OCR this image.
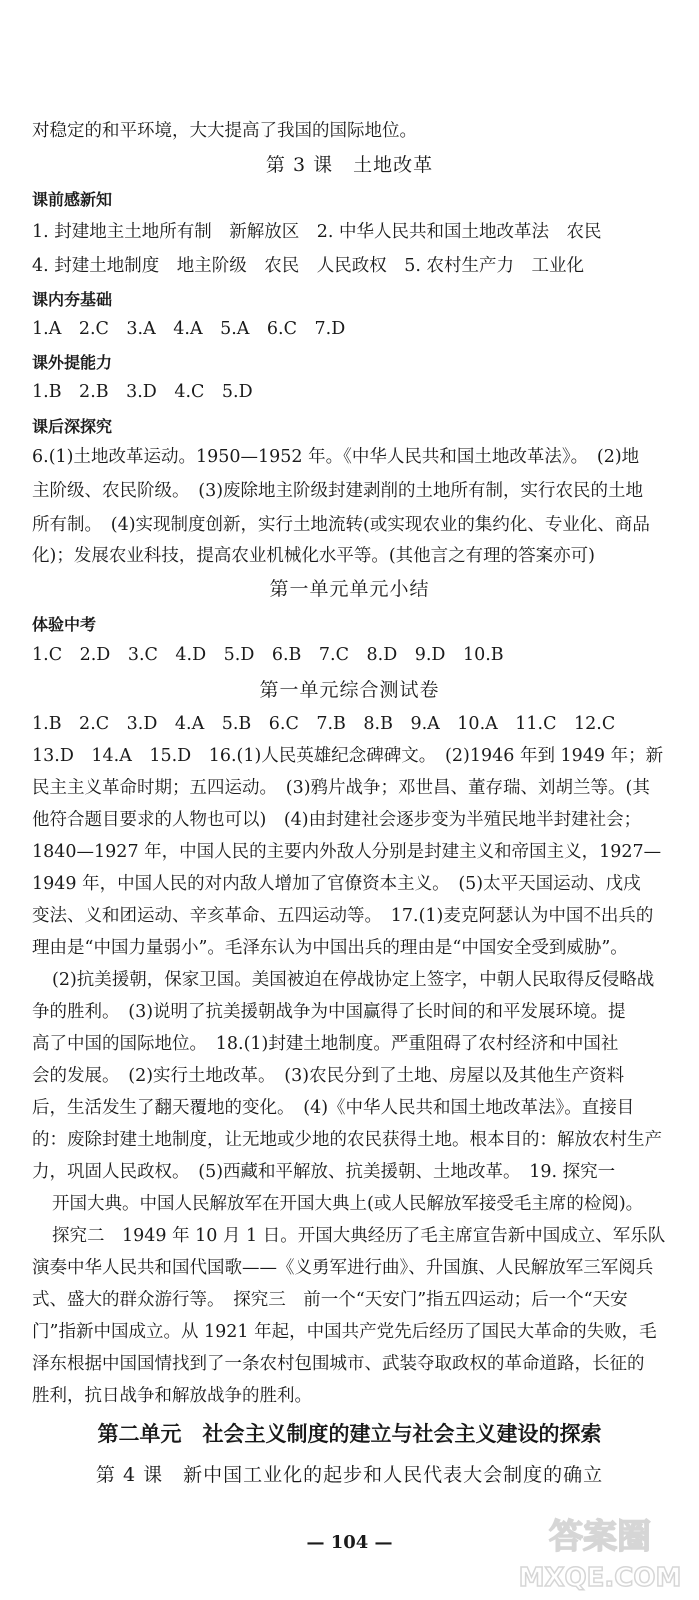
对稳定的和平环境，大大提高了我国的国际地位。
第 3 课　土地改革
课前感新知
1. 封建地主土地所有制　新解放区　2. 中华人民共和国土地改革法　农民
4. 封建土地制度　地主阶级　农民　人民政权　5. 农村生产力　工业化
课内夯基础
1.A　2.C　3.A　4.A　5.A　6.C　7.D
课外提能力
1.B　2.B　3.D　4.C　5.D
课后深探究
6.(1)土地改革运动。1950—1952 年。《中华人民共和国土地改革法》。　(2)地
主阶级、农民阶级。　(3)废除地主阶级封建剥削的土地所有制，实行农民的土地
所有制。　(4)实现制度创新，实行土地流转(或实现农业的集约化、专业化、商品
化)；发展农业科技，提高农业机械化水平等。(其他言之有理的答案亦可)
第一单元单元小结
体验中考
1.C　2.D　3.C　4.D　5.D　6.B　7.C　8.D　9.D　10.B
第一单元综合测试卷
1.B　2.C　3.D　4.A　5.B　6.C　7.B　8.B　9.A　10.A　11.C　12.C
13.D　14.A　15.D　16.(1)人民英雄纪念碑碑文。　(2)1946 年到 1949 年；新
民主主义革命时期；五四运动。　(3)鸦片战争；邓世昌、董存瑞、刘胡兰等。(其
他符合题目要求的人物也可以)　(4)由封建社会逐步变为半殖民地半封建社会；
1840—1927 年，中国人民的主要内外敌人分别是封建主义和帝国主义，1927—
1949 年，中国人民的对内敌人增加了官僚资本主义。　(5)太平天国运动、戊戌
变法、义和团运动、辛亥革命、五四运动等。　17.(1)麦克阿瑟认为中国不出兵的
理由是“中国力量弱小”。毛泽东认为中国出兵的理由是“中国安全受到威胁”。
(2)抗美援朝，保家卫国。美国被迫在停战协定上签字，中朝人民取得反侵略战
争的胜利。　(3)说明了抗美援朝战争为中国赢得了长时间的和平发展环境。提
高了中国的国际地位。　18.(1)封建土地制度。严重阻碍了农村经济和中国社
会的发展。　(2)实行土地改革。　(3)农民分到了土地、房屋以及其他生产资料
后，生活发生了翻天覆地的变化。　(4)《中华人民共和国土地改革法》。直接目
的：废除封建土地制度，让无地或少地的农民获得土地。根本目的：解放农村生产
力，巩固人民政权。　(5)西藏和平解放、抗美援朝、土地改革。　19. 探究一
开国大典。中国人民解放军在开国大典上(或人民解放军接受毛主席的检阅)。
探究二　1949 年 10 月 1 日。开国大典经历了毛主席宣告新中国成立、军乐队
演奏中华人民共和国代国歌——《义勇军进行曲》、升国旗、人民解放军三军阅兵
式、盛大的群众游行等。　探究三　前一个“天安门”指五四运动；后一个“天安
门”指新中国成立。从 1921 年起，中国共产党先后经历了国民大革命的失败，毛
泽东根据中国国情找到了一条农村包围城市、武装夺取政权的革命道路，长征的
胜利，抗日战争和解放战争的胜利。
第二单元　社会主义制度的建立与社会主义建设的探索
第 4 课　新中国工业化的起步和人民代表大会制度的确立
— 104 —	答案圈
MXQE.COM
